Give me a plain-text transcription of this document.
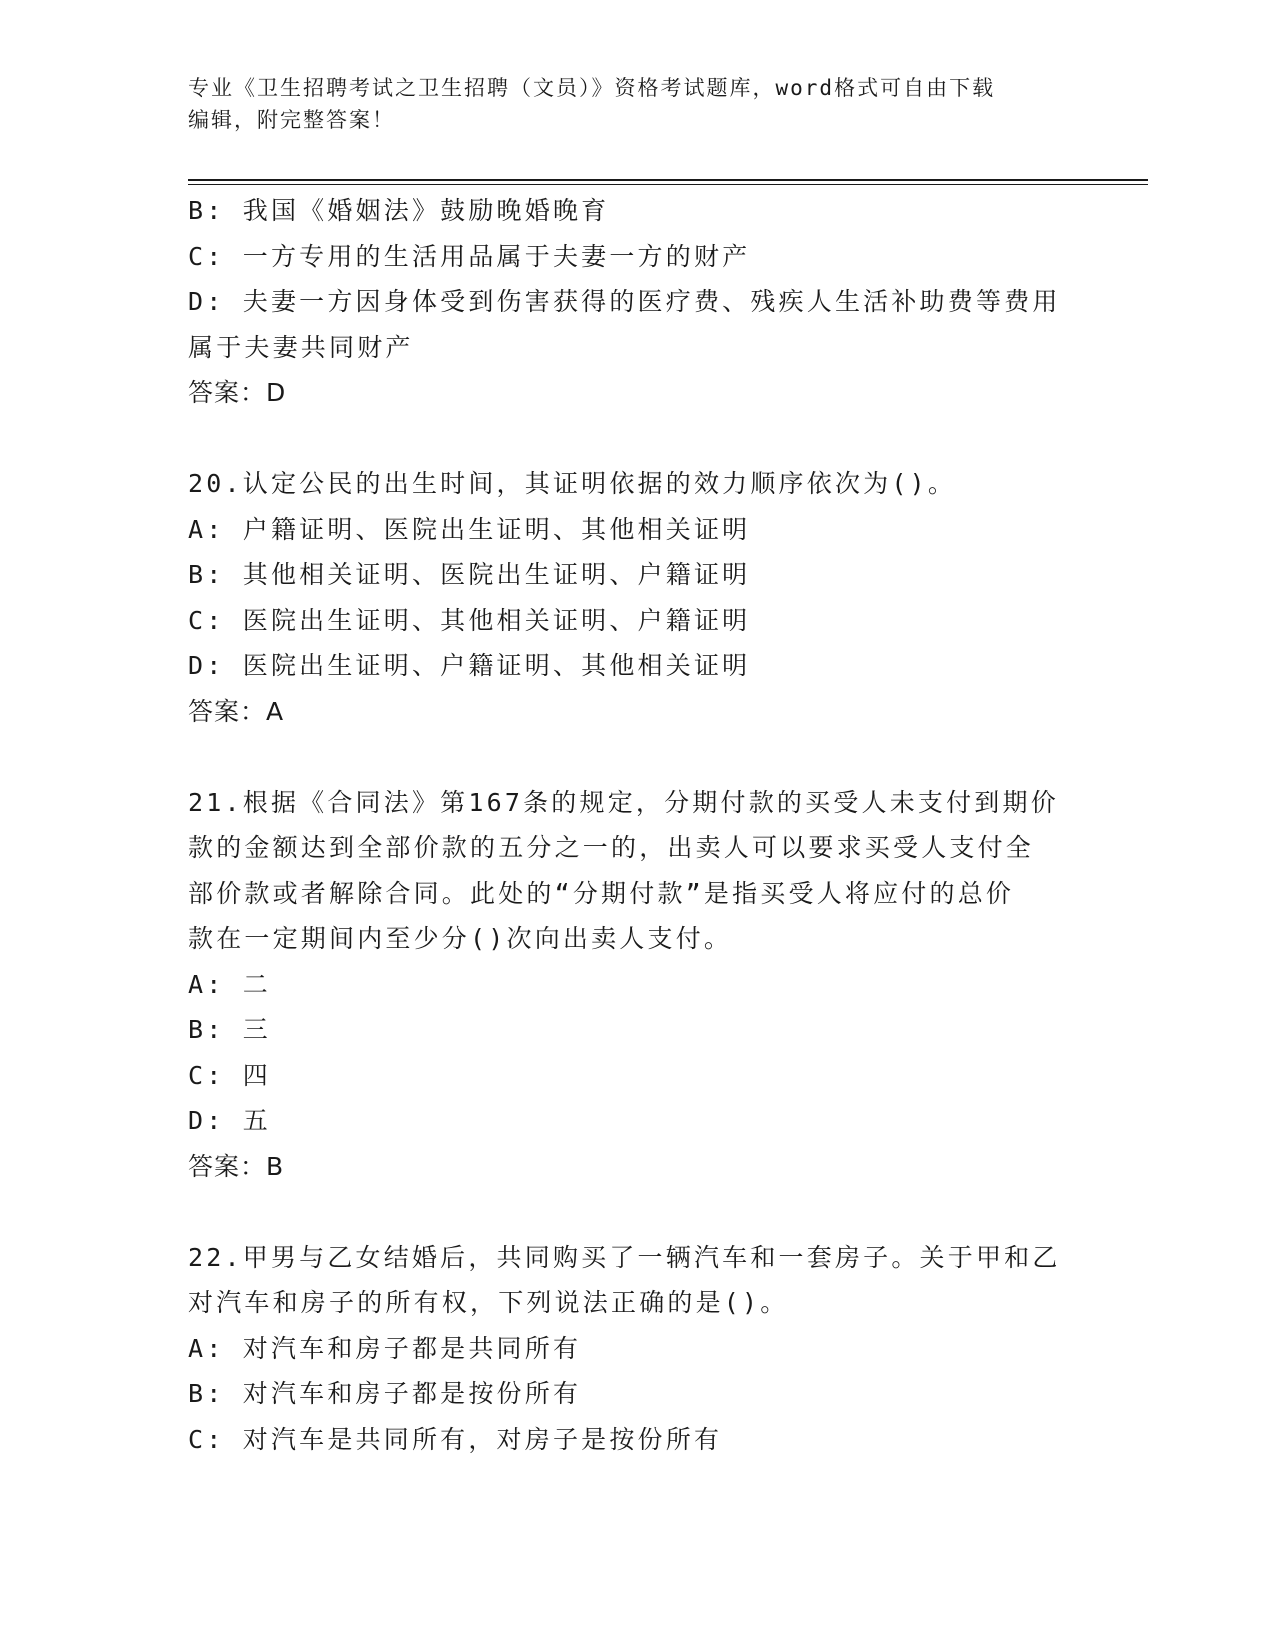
专业《卫生招聘考试之卫生招聘（文员）》资格考试题库，word格式可自由下载
编辑，附完整答案！
B: 我国《婚姻法》鼓励晚婚晚育
C: 一方专用的生活用品属于夫妻一方的财产
D: 夫妻一方因身体受到伤害获得的医疗费、残疾人生活补助费等费用
属于夫妻共同财产
答案：D
20.认定公民的出生时间，其证明依据的效力顺序依次为()。
A: 户籍证明、医院出生证明、其他相关证明
B: 其他相关证明、医院出生证明、户籍证明
C: 医院出生证明、其他相关证明、户籍证明
D: 医院出生证明、户籍证明、其他相关证明
答案：A
21.根据《合同法》第167条的规定，分期付款的买受人未支付到期价
款的金额达到全部价款的五分之一的，出卖人可以要求买受人支付全
部价款或者解除合同。此处的“分期付款”是指买受人将应付的总价
款在一定期间内至少分()次向出卖人支付。
A: 二
B: 三
C: 四
D: 五
答案：B
22.甲男与乙女结婚后，共同购买了一辆汽车和一套房子。关于甲和乙
对汽车和房子的所有权，下列说法正确的是()。
A: 对汽车和房子都是共同所有
B: 对汽车和房子都是按份所有
C: 对汽车是共同所有，对房子是按份所有
